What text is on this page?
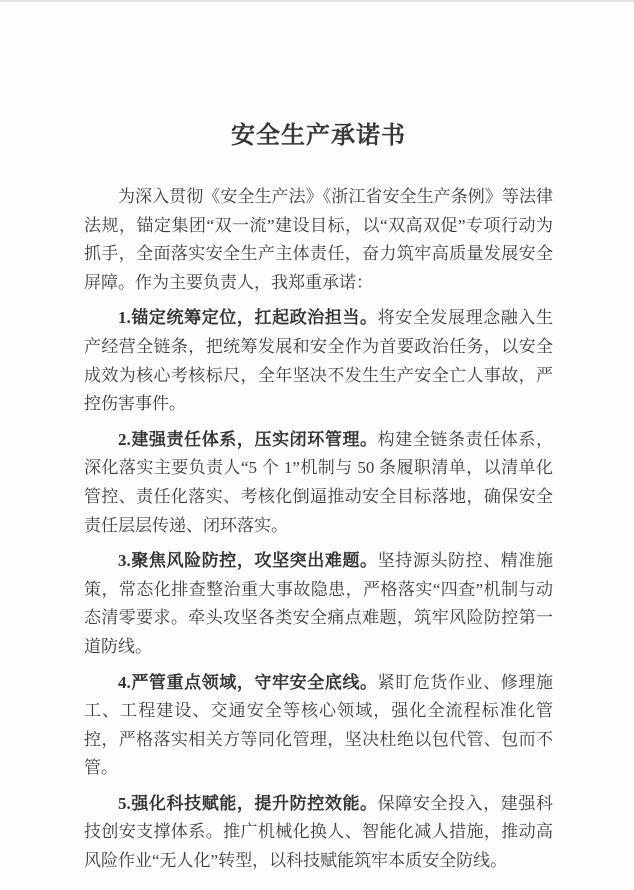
安全生产承诺书

为深入贯彻《安全生产法》《浙江省安全生产条例》等法律法规，锚定集团“双一流”建设目标，以“双高双促”专项行动为抓手，全面落实安全生产主体责任，奋力筑牢高质量发展安全屏障。作为主要负责人，我郑重承诺：

1.锚定统筹定位，扛起政治担当。将安全发展理念融入生产经营全链条，把统筹发展和安全作为首要政治任务，以安全成效为核心考核标尺，全年坚决不发生生产安全亡人事故，严控伤害事件。

2.建强责任体系，压实闭环管理。构建全链条责任体系，深化落实主要负责人“5 个 1”机制与 50 条履职清单，以清单化管控、责任化落实、考核化倒逼推动安全目标落地，确保安全责任层层传递、闭环落实。

3.聚焦风险防控，攻坚突出难题。坚持源头防控、精准施策，常态化排查整治重大事故隐患，严格落实“四查”机制与动态清零要求。牵头攻坚各类安全痛点难题，筑牢风险防控第一道防线。

4.严管重点领域，守牢安全底线。紧盯危货作业、修理施工、工程建设、交通安全等核心领域，强化全流程标准化管控，严格落实相关方等同化管理，坚决杜绝以包代管、包而不管。

5.强化科技赋能，提升防控效能。保障安全投入，建强科技创安支撑体系。推广机械化换人、智能化减人措施，推动高风险作业“无人化”转型，以科技赋能筑牢本质安全防线。
